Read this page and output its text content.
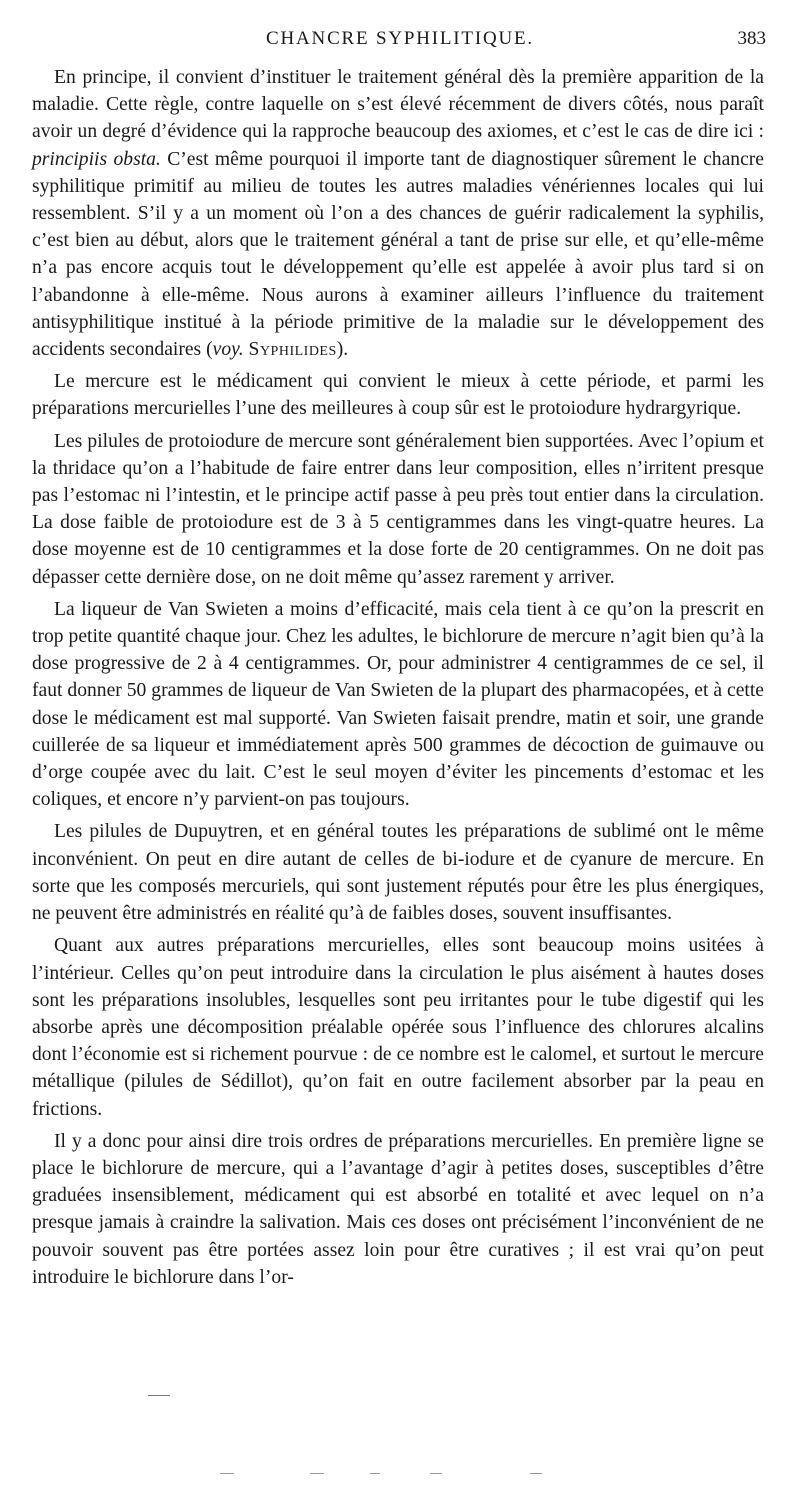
CHANCRE SYPHILITIQUE.	383

En principe, il convient d’instituer le traitement général dès la première apparition de la maladie. Cette règle, contre laquelle on s’est élevé récemment de divers côtés, nous paraît avoir un degré d’évidence qui la rapproche beaucoup des axiomes, et c’est le cas de dire ici : principiis obsta. C’est même pourquoi il importe tant de diagnostiquer sûrement le chancre syphilitique primitif au milieu de toutes les autres maladies vénériennes locales qui lui ressemblent. S’il y a un moment où l’on a des chances de guérir radicalement la syphilis, c’est bien au début, alors que le traitement général a tant de prise sur elle, et qu’elle-même n’a pas encore acquis tout le développement qu’elle est appelée à avoir plus tard si on l’abandonne à elle-même. Nous aurons à examiner ailleurs l’influence du traitement antisyphilitique institué à la période primitive de la maladie sur le développement des accidents secondaires (voy. Syphilides).

Le mercure est le médicament qui convient le mieux à cette période, et parmi les préparations mercurielles l’une des meilleures à coup sûr est le protoiodure hydrargyrique.

Les pilules de protoiodure de mercure sont généralement bien supportées. Avec l’opium et la thridace qu’on a l’habitude de faire entrer dans leur composition, elles n’irritent presque pas l’estomac ni l’intestin, et le principe actif passe à peu près tout entier dans la circulation. La dose faible de protoiodure est de 3 à 5 centigrammes dans les vingt-quatre heures. La dose moyenne est de 10 centigrammes et la dose forte de 20 centigrammes. On ne doit pas dépasser cette dernière dose, on ne doit même qu’assez rarement y arriver.

La liqueur de Van Swieten a moins d’efficacité, mais cela tient à ce qu’on la prescrit en trop petite quantité chaque jour. Chez les adultes, le bichlorure de mercure n’agit bien qu’à la dose progressive de 2 à 4 centigrammes. Or, pour administrer 4 centigrammes de ce sel, il faut donner 50 grammes de liqueur de Van Swieten de la plupart des pharmacopées, et à cette dose le médicament est mal supporté. Van Swieten faisait prendre, matin et soir, une grande cuillerée de sa liqueur et immédiatement après 500 grammes de décoction de guimauve ou d’orge coupée avec du lait. C’est le seul moyen d’éviter les pincements d’estomac et les coliques, et encore n’y parvient-on pas toujours.

Les pilules de Dupuytren, et en général toutes les préparations de sublimé ont le même inconvénient. On peut en dire autant de celles de bi-iodure et de cyanure de mercure. En sorte que les composés mercuriels, qui sont justement réputés pour être les plus énergiques, ne peuvent être administrés en réalité qu’à de faibles doses, souvent insuffisantes.

Quant aux autres préparations mercurielles, elles sont beaucoup moins usitées à l’intérieur. Celles qu’on peut introduire dans la circulation le plus aisément à hautes doses sont les préparations insolubles, lesquelles sont peu irritantes pour le tube digestif qui les absorbe après une décomposition préalable opérée sous l’influence des chlorures alcalins dont l’économie est si richement pourvue : de ce nombre est le calomel, et surtout le mercure métallique (pilules de Sédillot), qu’on fait en outre facilement absorber par la peau en frictions.

Il y a donc pour ainsi dire trois ordres de préparations mercurielles. En première ligne se place le bichlorure de mercure, qui a l’avantage d’agir à petites doses, susceptibles d’être graduées insensiblement, médicament qui est absorbé en totalité et avec lequel on n’a presque jamais à craindre la salivation. Mais ces doses ont précisément l’inconvénient de ne pouvoir souvent pas être portées assez loin pour être curatives ; il est vrai qu’on peut introduire le bichlorure dans l’or-
